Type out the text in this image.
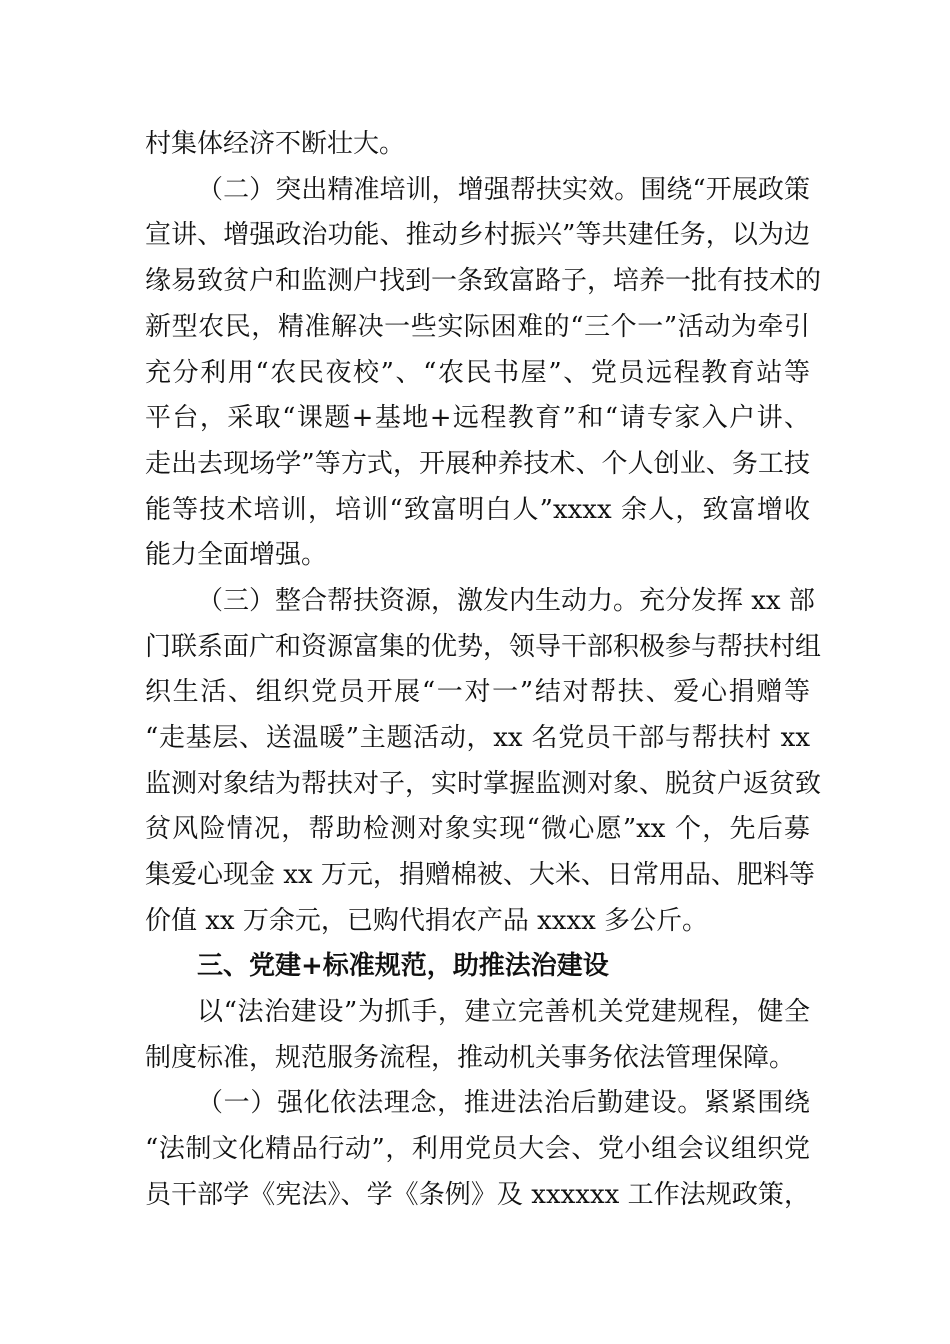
村集体经济不断壮大。
（二）突出精准培训，增强帮扶实效。围绕“开展政策
宣讲、增强政治功能、推动乡村振兴”等共建任务，以为边
缘易致贫户和监测户找到一条致富路子，培养一批有技术的
新型农民，精准解决一些实际困难的“三个一”活动为牵引
充分利用“农民夜校”、“农民书屋”、党员远程教育站等
平台，采取“课题+基地+远程教育”和“请专家入户讲、
走出去现场学”等方式，开展种养技术、个人创业、务工技
能等技术培训，培训“致富明白人”xxxx 余人，致富增收
能力全面增强。
（三）整合帮扶资源，激发内生动力。充分发挥 xx 部
门联系面广和资源富集的优势，领导干部积极参与帮扶村组
织生活、组织党员开展“一对一”结对帮扶、爱心捐赠等
“走基层、送温暖”主题活动，xx 名党员干部与帮扶村 xx
监测对象结为帮扶对子，实时掌握监测对象、脱贫户返贫致
贫风险情况，帮助检测对象实现“微心愿”xx 个，先后募
集爱心现金 xx 万元，捐赠棉被、大米、日常用品、肥料等
价值 xx 万余元，已购代捐农产品 xxxx 多公斤。
三、党建+标准规范，助推法治建设
以“法治建设”为抓手，建立完善机关党建规程，健全
制度标准，规范服务流程，推动机关事务依法管理保障。
（一）强化依法理念，推进法治后勤建设。紧紧围绕
“法制文化精品行动”，利用党员大会、党小组会议组织党
员干部学《宪法》、学《条例》及 xxxxxx 工作法规政策，
